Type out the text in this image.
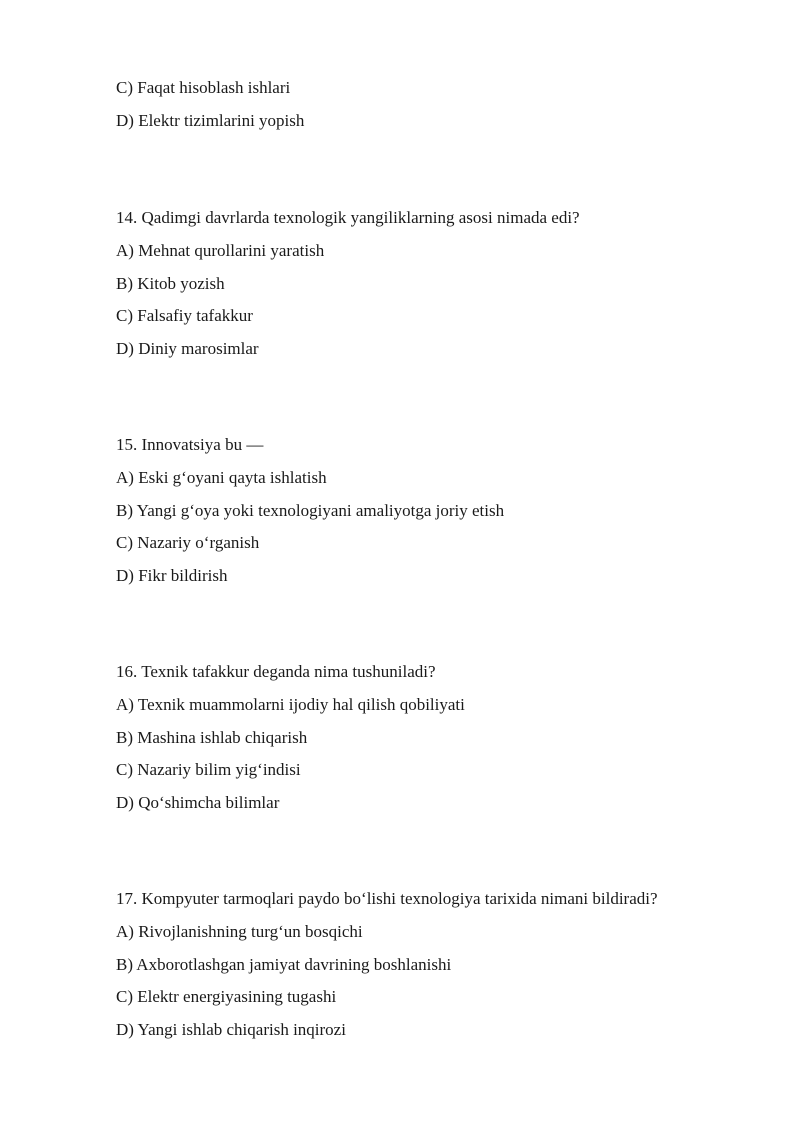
C) Faqat hisoblash ishlari
D) Elektr tizimlarini yopish
14. Qadimgi davrlarda texnologik yangiliklarning asosi nimada edi?
A) Mehnat qurollarini yaratish
B) Kitob yozish
C) Falsafiy tafakkur
D) Diniy marosimlar
15. Innovatsiya bu —
A) Eski g‘oyani qayta ishlatish
B) Yangi g‘oya yoki texnologiyani amaliyotga joriy etish
C) Nazariy o‘rganish
D) Fikr bildirish
16. Texnik tafakkur deganda nima tushuniladi?
A) Texnik muammolarni ijodiy hal qilish qobiliyati
B) Mashina ishlab chiqarish
C) Nazariy bilim yig‘indisi
D) Qo‘shimcha bilimlar
17. Kompyuter tarmoqlari paydo bo‘lishi texnologiya tarixida nimani bildiradi?
A) Rivojlanishning turg‘un bosqichi
B) Axborotlashgan jamiyat davrining boshlanishi
C) Elektr energiyasining tugashi
D) Yangi ishlab chiqarish inqirozi
